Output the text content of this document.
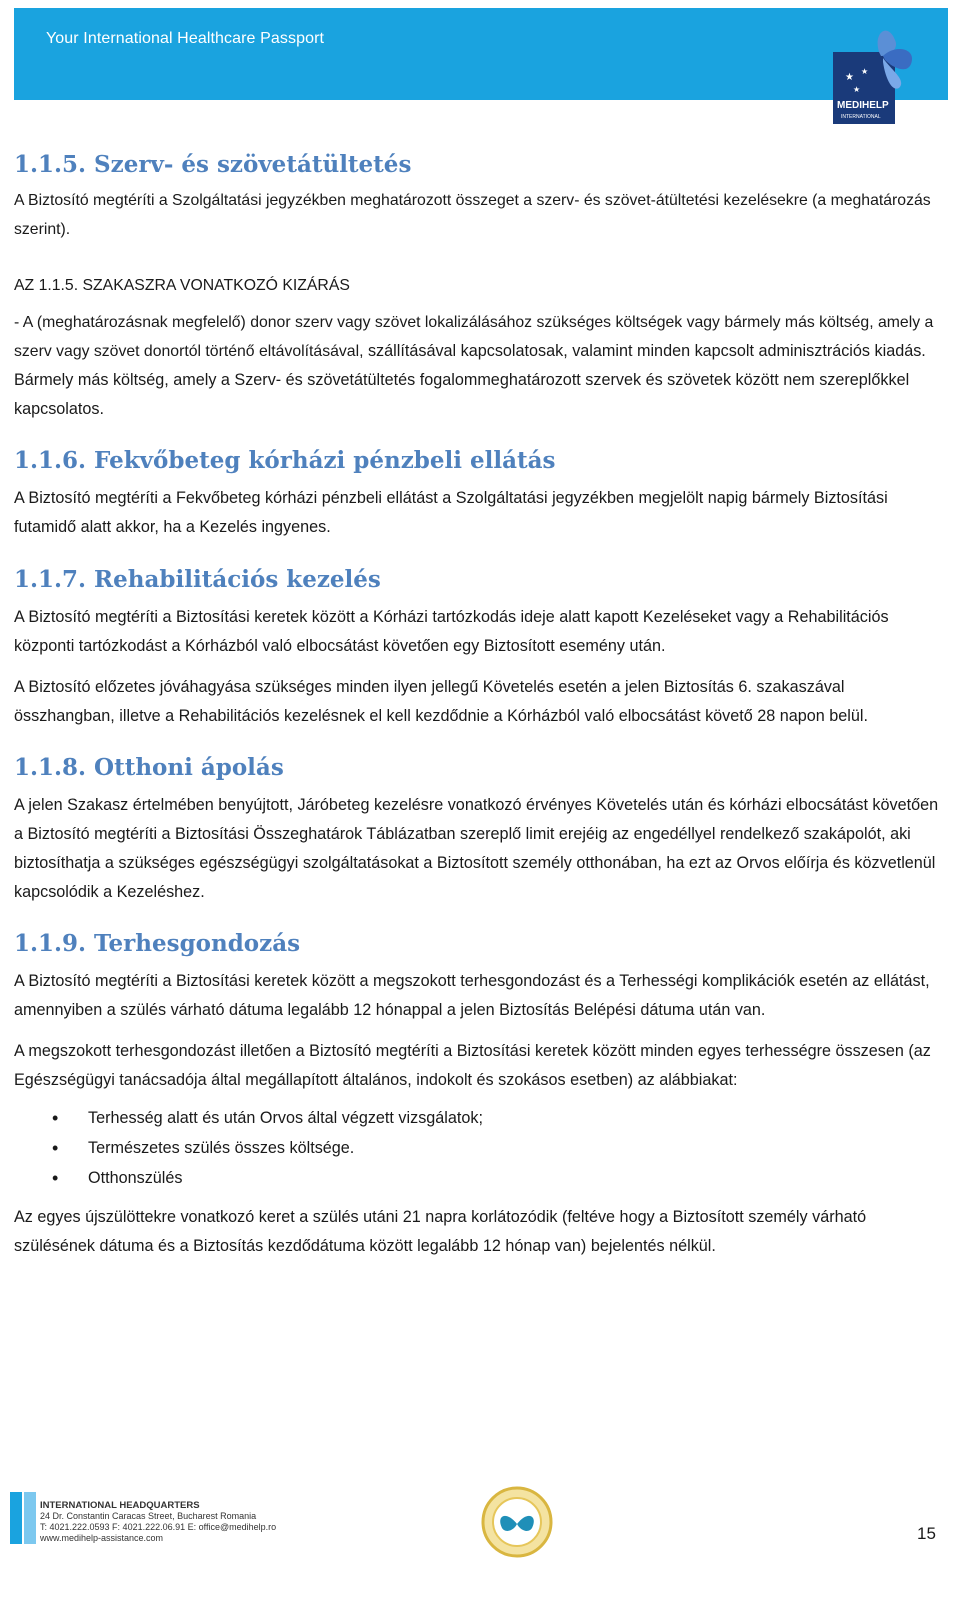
Your International Healthcare Passport
★
★
★
MEDIHELP
INTERNATIONAL
1.1.5. Szerv- és szövetátültetés

A Biztosító megtéríti a Szolgáltatási jegyzékben meghatározott összeget a szerv- és szövet-átültetési kezelésekre (a meghatározás szerint).

AZ 1.1.5. SZAKASZRA VONATKOZÓ KIZÁRÁS

- A (meghatározásnak megfelelő) donor szerv vagy szövet lokalizálásához szükséges költségek vagy bármely más költség, amely a szerv vagy szövet donortól történő eltávolításával, szállításával kapcsolatosak, valamint minden kapcsolt adminisztrációs kiadás. Bármely más költség, amely a Szerv- és szövetátültetés fogalommeghatározott szervek és szövetek között nem szereplőkkel kapcsolatos.

1.1.6. Fekvőbeteg kórházi pénzbeli ellátás

A Biztosító megtéríti a Fekvőbeteg kórházi pénzbeli ellátást a Szolgáltatási jegyzékben megjelölt napig bármely Biztosítási futamidő alatt akkor, ha a Kezelés ingyenes.

1.1.7. Rehabilitációs kezelés

A Biztosító megtéríti a Biztosítási keretek között a Kórházi tartózkodás ideje alatt kapott Kezeléseket vagy a Rehabilitációs központi tartózkodást a Kórházból való elbocsátást követően egy Biztosított esemény után.

A Biztosító előzetes jóváhagyása szükséges minden ilyen jellegű Követelés esetén a jelen Biztosítás 6. szakaszával összhangban, illetve a Rehabilitációs kezelésnek el kell kezdődnie a Kórházból való elbocsátást követő 28 napon belül.

1.1.8. Otthoni ápolás

A jelen Szakasz értelmében benyújtott, Járóbeteg kezelésre vonatkozó érvényes Követelés után és kórházi elbocsátást követően a Biztosító megtéríti a Biztosítási Összeghatárok Táblázatban szereplő limit erejéig az engedéllyel rendelkező szakápolót, aki biztosíthatja a szükséges egészségügyi szolgáltatásokat a Biztosított személy otthonában, ha ezt az Orvos előírja és közvetlenül kapcsolódik a Kezeléshez.

1.1.9. Terhesgondozás

A Biztosító megtéríti a Biztosítási keretek között a megszokott terhesgondozást és a Terhességi komplikációk esetén az ellátást, amennyiben a szülés várható dátuma legalább 12 hónappal a jelen Biztosítás Belépési dátuma után van.

A megszokott terhesgondozást illetően a Biztosító megtéríti a Biztosítási keretek között minden egyes terhességre összesen (az Egészségügyi tanácsadója által megállapított általános, indokolt és szokásos esetben) az alábbiakat:

• Terhesség alatt és után Orvos által végzett vizsgálatok;
• Természetes szülés összes költsége.
• Otthonszülés

Az egyes újszülöttekre vonatkozó keret a szülés utáni 21 napra korlátozódik (feltéve hogy a Biztosított személy várható szülésének dátuma és a Biztosítás kezdődátuma között legalább 12 hónap van) bejelentés nélkül.

INTERNATIONAL HEADQUARTERS
24 Dr. Constantin Caracas Street, Bucharest Romania
T: 4021.222.0593 F: 4021.222.06.91 E: office@medihelp.ro
www.medihelp-assistance.com	15
